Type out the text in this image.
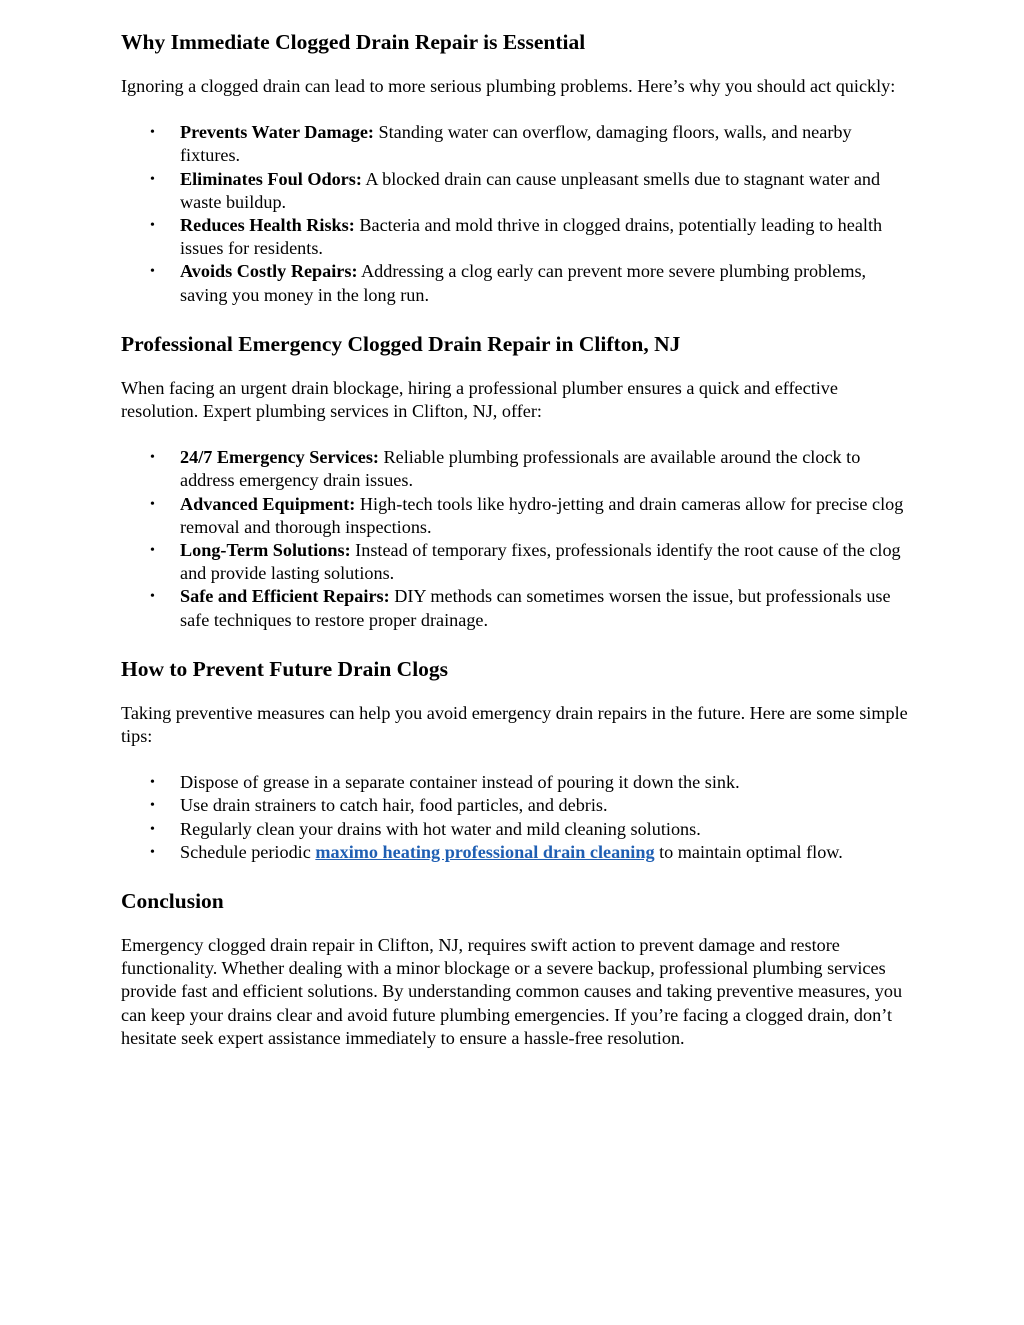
Why Immediate Clogged Drain Repair is Essential

Ignoring a clogged drain can lead to more serious plumbing problems. Here’s why you should act quickly:

• Prevents Water Damage: Standing water can overflow, damaging floors, walls, and nearby fixtures.
• Eliminates Foul Odors: A blocked drain can cause unpleasant smells due to stagnant water and waste buildup.
• Reduces Health Risks: Bacteria and mold thrive in clogged drains, potentially leading to health issues for residents.
• Avoids Costly Repairs: Addressing a clog early can prevent more severe plumbing problems, saving you money in the long run.
Professional Emergency Clogged Drain Repair in Clifton, NJ

When facing an urgent drain blockage, hiring a professional plumber ensures a quick and effective resolution. Expert plumbing services in Clifton, NJ, offer:

• 24/7 Emergency Services: Reliable plumbing professionals are available around the clock to address emergency drain issues.
• Advanced Equipment: High-tech tools like hydro-jetting and drain cameras allow for precise clog removal and thorough inspections.
• Long-Term Solutions: Instead of temporary fixes, professionals identify the root cause of the clog and provide lasting solutions.
• Safe and Efficient Repairs: DIY methods can sometimes worsen the issue, but professionals use safe techniques to restore proper drainage.
How to Prevent Future Drain Clogs

Taking preventive measures can help you avoid emergency drain repairs in the future. Here are some simple tips:

• Dispose of grease in a separate container instead of pouring it down the sink.
• Use drain strainers to catch hair, food particles, and debris.
• Regularly clean your drains with hot water and mild cleaning solutions.
• Schedule periodic maximo heating professional drain cleaning to maintain optimal flow.
Conclusion

Emergency clogged drain repair in Clifton, NJ, requires swift action to prevent damage and restore functionality. Whether dealing with a minor blockage or a severe backup, professional plumbing services provide fast and efficient solutions. By understanding common causes and taking preventive measures, you can keep your drains clear and avoid future plumbing emergencies. If you’re facing a clogged drain, don’t hesitate seek expert assistance immediately to ensure a hassle-free resolution.
